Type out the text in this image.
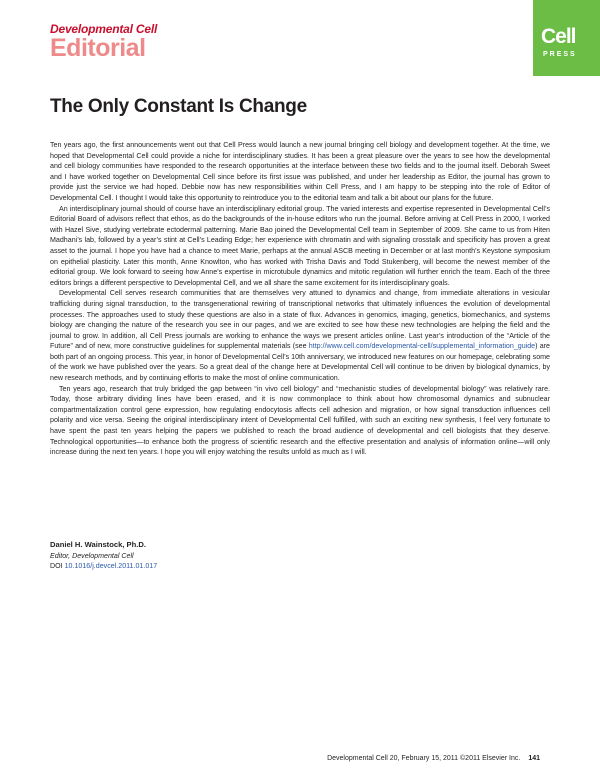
Developmental Cell
Editorial	Cell
PRESS
The Only Constant Is Change

Ten years ago, the first announcements went out that Cell Press would launch a new journal bringing cell biology and development together. At the time, we hoped that Developmental Cell could provide a niche for interdisciplinary studies. It has been a great pleasure over the years to see how the developmental and cell biology communities have responded to the research opportunities at the interface between these two fields and to the journal itself. Deborah Sweet and I have worked together on Developmental Cell since before its first issue was published, and under her leadership as Editor, the journal has grown to provide just the service we had hoped. Debbie now has new responsibilities within Cell Press, and I am happy to be stepping into the role of Editor of Developmental Cell. I thought I would take this opportunity to reintroduce you to the editorial team and talk a bit about our plans for the future.

An interdisciplinary journal should of course have an interdisciplinary editorial group. The varied interests and expertise represented in Developmental Cell’s Editorial Board of advisors reflect that ethos, as do the backgrounds of the in-house editors who run the journal. Before arriving at Cell Press in 2000, I worked with Hazel Sive, studying vertebrate ectodermal patterning. Marie Bao joined the Developmental Cell team in September of 2009. She came to us from Hiten Madhani’s lab, followed by a year’s stint at Cell’s Leading Edge; her experience with chromatin and with signaling crosstalk and specificity has proven a great asset to the journal. I hope you have had a chance to meet Marie, perhaps at the annual ASCB meeting in December or at last month’s Keystone symposium on epithelial plasticity. Later this month, Anne Knowlton, who has worked with Trisha Davis and Todd Stukenberg, will become the newest member of the editorial group. We look forward to seeing how Anne’s expertise in microtubule dynamics and mitotic regulation will further enrich the team. Each of the three editors brings a different perspective to Developmental Cell, and we all share the same excitement for its interdisciplinary goals.

Developmental Cell serves research communities that are themselves very attuned to dynamics and change, from immediate alterations in vesicular trafficking during signal transduction, to the transgenerational rewiring of transcriptional networks that ultimately influences the evolution of developmental processes. The approaches used to study these questions are also in a state of flux. Advances in genomics, imaging, genetics, biomechanics, and systems biology are changing the nature of the research you see in our pages, and we are excited to see how these new technologies are helping the field and the journal to grow. In addition, all Cell Press journals are working to enhance the ways we present articles online. Last year’s introduction of the “Article of the Future” and of new, more constructive guidelines for supplemental materials (see http://www.cell.com/developmental-cell/supplemental_information_guide) are both part of an ongoing process. This year, in honor of Developmental Cell’s 10th anniversary, we introduced new features on our homepage, celebrating some of the work we have published over the years. So a great deal of the change here at Developmental Cell will continue to be driven by biological dynamics, by new research methods, and by continuing efforts to make the most of online communication.

Ten years ago, research that truly bridged the gap between “in vivo cell biology” and “mechanistic studies of developmental biology” was relatively rare. Today, those arbitrary dividing lines have been erased, and it is now commonplace to think about how chromosomal dynamics and subnuclear compartmentalization control gene expression, how regulating endocytosis affects cell adhesion and migration, or how signal transduction influences cell polarity and vice versa. Seeing the original interdisciplinary intent of Developmental Cell fulfilled, with such an exciting new synthesis, I feel very fortunate to have spent the past ten years helping the papers we published to reach the broad audience of developmental and cell biologists that they deserve. Technological opportunities—to enhance both the progress of scientific research and the effective presentation and analysis of information online—will only increase during the next ten years. I hope you will enjoy watching the results unfold as much as I will.

Daniel H. Wainstock, Ph.D.
Editor, Developmental Cell
DOI 10.1016/j.devcel.2011.01.017
Developmental Cell 20, February 15, 2011 ©2011 Elsevier Inc. 141
